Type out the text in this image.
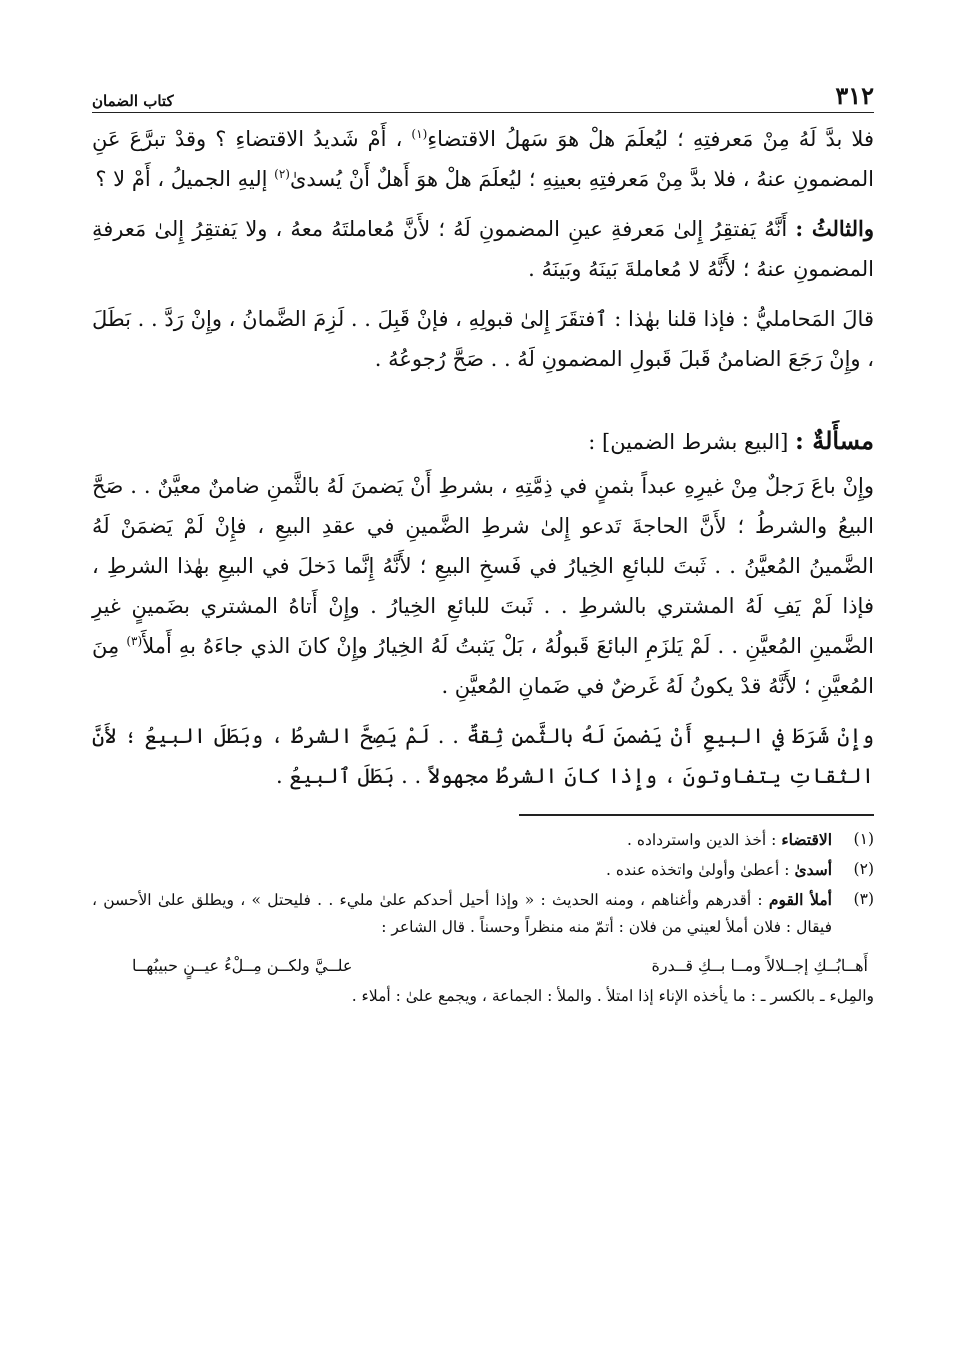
٣١٢
كتاب الضمان

فلا بدَّ لَهُ مِنْ مَعرفتِهِ ؛ ليُعلَمَ هلْ هوَ سَهلُ الاقتضاءِ$^{(١)}$ ، أَمْ شَديدُ الاقتضاءِ ؟ وقدْ تبرَّعَ عَنِ المضمونِ عنهُ ، فلا بدَّ مِنْ مَعرفتِهِ بعينِهِ ؛ ليُعلَمَ هلْ هوَ أَهلٌ أَنْ يُسدىٰ$^{(٢)}$ إليهِ الجميلُ ، أَمْ لا ؟

والثالثُ : أَنَّهُ يَفتقِرُ إِلىٰ مَعرفةِ عينِ المضمونِ لَهُ ؛ لأَنَّ مُعاملتَهُ معهُ ، ولا يَفتقِرُ إِلىٰ مَعرفةِ المضمونِ عنهُ ؛ لأَنَّهُ لا مُعاملةَ بَينَهُ وبَينَهُ .

قالَ المَحامليُّ : فإذا قلنا بهٰذا : ٱفتقَرَ إِلىٰ قبولِهِ ، فإنْ قَبِلَ . . لَزِمَ الضَّمانُ ، وإِنْ رَدَّ . . بَطَلَ ، وإِنْ رَجَعَ الضامنُ قَبلَ قَبولِ المضمونِ لَهُ . . صَحَّ رُجوعُهُ .

مسأَلةٌ : [البيع بشرط الضمين] :

وإِنْ باعَ رَجلٌ مِنْ غيرِهِ عبداً بثمنٍ في ذِمَّتِهِ ، بشرطِ أَنْ يَضمنَ لَهُ بالثَّمنِ ضامنٌ معيَّنٌ . . صَحَّ البيعُ والشرطُ ؛ لأَنَّ الحاجةَ تَدعو إِلىٰ شرطِ الضَّمينِ في عقدِ البيعِ ، فإِنْ لَمْ يَضمَنْ لَهُ الضَّمينُ المُعيَّنُ . . ثَبتَ للبائعِ الخِيارُ في فَسخِ البيعِ ؛ لأَنَّهُ إِنَّما دَخلَ في البيعِ بهٰذا الشرطِ ، فإذا لَمْ يَفِ لَهُ المشتري بالشرطِ . . ثَبتَ للبائعِ الخِيارُ . وإِنْ أَتاهُ المشتري بضَمينٍ غيرِ الضَّمينِ المُعيَّنِ . . لَمْ يَلزَمِ البائعَ قَبولُهُ ، بَلْ يَثبتُ لَهُ الخِيارُ وإِنْ كانَ الذي جاءَهُ بهِ أَملأَ$^{(٣)}$ مِنَ المُعيَّنِ ؛ لأَنَّهُ قدْ يكونُ لَهُ غَرضٌ في ضَمانِ المُعيَّنِ .

وإِنْ شَرَطَ في البيعِ أَنْ يَضمنَ لَهُ بالثَّمنِ ثِقةٌ . . لَمْ يَصِحَّ الشرطُ ، وبَطَلَ البيعُ ؛ لأَنَّ الثقاتِ يتفاوتونَ ، وإِذا كانَ الشرطُ مجهولاً . . بَطَلَ ٱلبيعُ .

(١)
الاقتضاء : أخذ الدين واسترداده .
(٢)
أسدىٰ : أعطىٰ وأولىٰ واتخذه عنده .
(٣)
أملأ القوم : أقدرهم وأغناهم ، ومنه الحديث : « وإذا أحيل أحدكم علىٰ مليء . . فليحتل » ، ويطلق علىٰ الأحسن ، فيقال : فلان أملأ لعيني من فلان : أتمّ منه منظراً وحسناً . قال الشاعر :
أَهــابُــكِ إجــلالاً ومــا بــكِ قــدرة
علــيَّ ولكــن مِــلْءُ عيــنٍ حبيبُهــا
والمِلء ـ بالكسر ـ : ما يأخذه الإناء إذا امتلأ . والملأ : الجماعة ، ويجمع علىٰ : أملاء .
